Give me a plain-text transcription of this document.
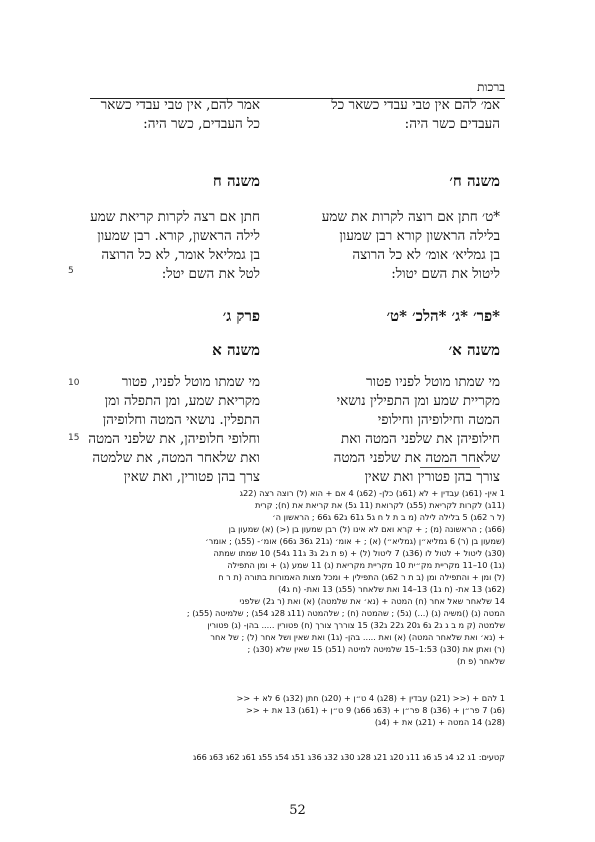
ברכות
אמ׳ להם אין טבי עבדי כשאר כל
העבדים כשר היה:
משנה ח׳
*ט׳ חתן אם רוצה לקרות את שמע
בלילה הראשון קורא רבן שמעון
בן גמליא׳ אומ׳ לא כל הרוצה
ליטול את השם יטול:
*פר׳ *ג׳ *הלכ׳ *ט׳
משנה א׳
מי שמתו מוטל לפניו פטור
מקריית שמע ומן התפילין נושאי
המטה וחילופיהן וחילופי
חילופיהן את שלפני המטה ואת
שלאחר המטה את שלפני המטה
צורך בהן פטורין ואת שאין
אמר להם, אין טבי עבדי כשאר
כל העבדים, כשר היה:
משנה ח
חתן אם רצה לקרות קריאת שמע
לילה הראשון, קורא. רבן שמעון
בן גמליאל אומר, לא כל הרוצה
לטל את השם יטל:
פרק ג׳
משנה א
מי שמתו מוטל לפניו, פטור
מקריאת שמע, ומן התפלה ומן
התפלין. נושאי המטה וחלופיהן
וחלופי חלופיהן, את שלפני המטה
ואת שלאחר המטה, את שלמטה
צרך בהן פטורין, ואת שאין
5
10
15
1 אין- (61ג) עבדין + לא (61ג) כלן- (62ג) 4 אם + הוא (ל) רוצה רצה (22ג
(11ג) לקרות לקריאת (55ג) לקרואת (11 ג5) את קריאת את (ח); קרית
(ל ר 62ג) 5 בלילה לילה (מ ב ת ל ח ג5 ג61 ג62 ג66 ; הראשון ה׳
(66ג) ; הראשונה (מ) ; + קרא ואם לא אינו (ל) רבן שמעון בן (<) (א) שמעון בן
(שמעון בן (ר) 6 גמליא״ן (גמליא״) (א) ; + אומ׳ (ג21 ג36 ג66) אומ׳- (55ג) ; אומר׳
(30ג) ליטול + לטול לו (36ג) 7 ליטול (ל) + (פ ת ג2 ג3 ג11 ג54) 10 שמתו שמתה
(ג1) 10–11 מקריית מק״ית 10 מקריית מקריאת (ג) 11 שמע (ג) + ומן התפילה
(ל) ומן + והתפילה ומן (ב ת ר 62ג) התפילין + ומכל מצות האמורות בתורה (ת ר ח
(62ג) 13 את- (ח ג1) 13–14 ואת שלאחר (55ג) 13 ואת- (ח ג4)
14 שלאחר שאל אחר (ח) המטה + (נא׳ את שלמטה) (א) ואת (ר ג2) שלפני
המטה (ג) ()משיה (ג) (...) (ג5) ; שהמטה (ח) ; שלהמטה (11ג 28ג 54ג) ; שלמיטה (55ג) ;
שלמטה (ק מ ב ג ג2 ג6 ג20 ג22 ג32) 15 צוררך צורך (ח) פטורין ..... בהן- (ג) פטורין
+ (נא׳ ואת שלאחר המטה) (א) ואת ..... בהן- (ג1) ואת שאין ושל אחר (ל) ; של אחר
(ר) ואתן את (30ג) 1:53–15 שלמיטה למיטה (51ג) 15 שאין שלא (30ג) ;
שלאחר (פ ת)
1 להם + (<< (21ג) עבדין + (28ג) 4 ט״ן + (20ג) חתן (32ג) 6 לא + <<
(6ג) 7 פר״ן + (36ג) 8 פר״ן + (63ג 66ג) 9 ט״ן + (61ג) 13 את + <<
(28ג) 14 המטה + (21ג) את + (4ג)
קטעים: 1ג 2ג 4ג 5ג 6ג 11ג 20ג 21ג 28ג 30ג 32ג 36ג 51ג 54ג 55ג 61ג 62ג 63ג 66ג
52
